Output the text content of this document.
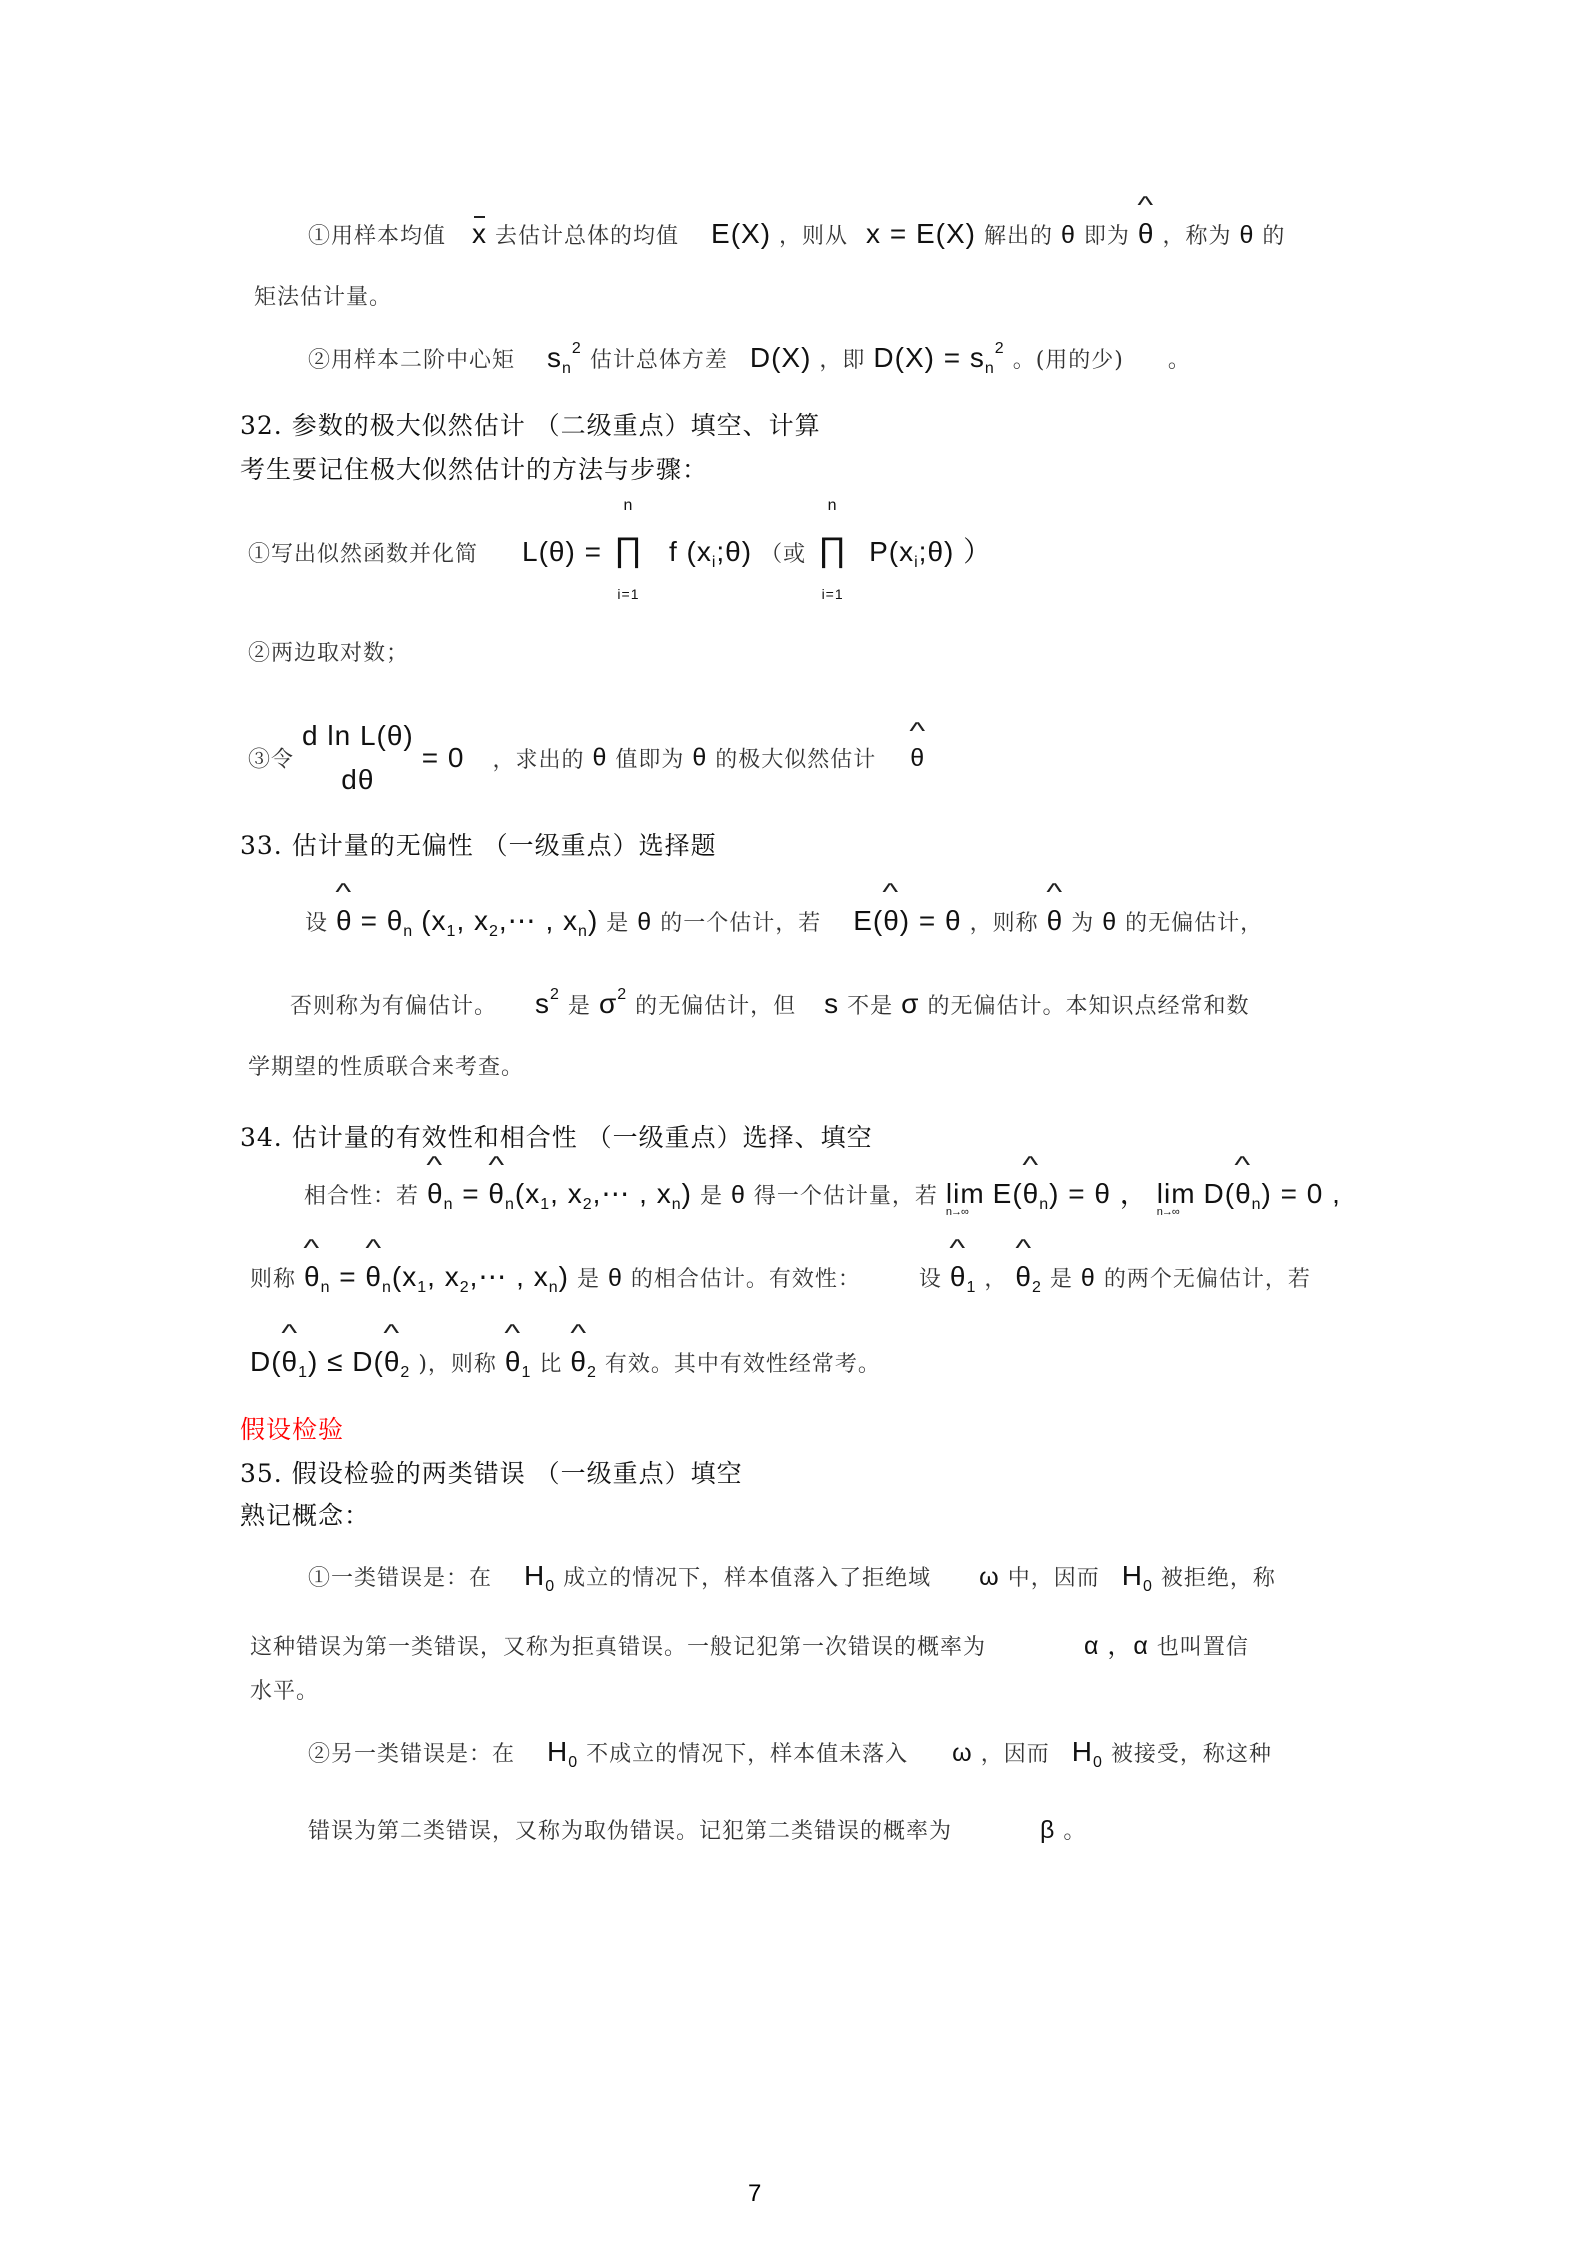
①用样本均值 x 去估计总体的均值 E(X) ，则从 x = E(X) 解出的 θ 即为 ^ θ ，称为 θ 的
矩法估计量。
②用样本二阶中心矩 $s_n^2$ 估计总体方差 D(X) ，即 $D(X) = s_n^2$ 。(用的少) 。
32. 参数的极大似然估计 （二级重点）填空、计算
考生要记住极大似然估计的方法与步骤：
①写出似然函数并化简 L(θ) = ∏
n
i=1
f $(x_i;\theta)$ （或 ∏
n
i=1
$P(x_i;\theta)$ ）
②两边取对数；
③令
d ln L(θ)
dθ
= 0 ，求出的 θ 值即为 θ 的极大似然估计 ^ θ
33. 估计量的无偏性 （一级重点）选择题
设 ^ $\theta = \theta_n$ ($x_1$, $x_2,\cdots$ , $x_n$) 是 θ 的一个估计，若 E(^ θ) = θ ，则称 ^ θ 为 θ 的无偏估计，
否则称为有偏估计。 $s^2$ 是 $\sigma^2$ 的无偏估计，但 s 不是 σ 的无偏估计。本知识点经常和数
学期望的性质联合来考查。
34. 估计量的有效性和相合性 （一级重点）选择、填空
相合性：若 ^ $\theta_n$ = ^ $\theta_n(x_1$, $x_2,\cdots$ , $x_n$) 是 θ 得一个估计量，若 lim
n→∞
E(^ $\theta_n) = \theta$ ， lim
n→∞
D(^ $\theta_n) = 0$ ,
则称 ^ $\theta_n$ = ^ $\theta_n(x_1$, $x_2,\cdots$ , $x_n$) 是 θ 的相合估计。有效性：	设 ^ $\theta_1$ ， ^ $\theta_2$ 是 θ 的两个无偏估计，若
D(^ $\theta_1$) ≤ D(^ $\theta_2$ )，则称 ^ $\theta_1$ 比 ^ $\theta_2$ 有效。其中有效性经常考。
假设检验
35. 假设检验的两类错误 （一级重点）填空
熟记概念：
①一类错误是：在 $H_0$ 成立的情况下，样本值落入了拒绝域 ω 中，因而 $H_0$ 被拒绝，称
这种错误为第一类错误，又称为拒真错误。一般记犯第一次错误的概率为	α ，α 也叫置信
水平。
②另一类错误是：在 $H_0$ 不成立的情况下，样本值未落入 ω ，因而 $H_0$ 被接受，称这种
错误为第二类错误，又称为取伪错误。记犯第二类错误的概率为	β 。
7
